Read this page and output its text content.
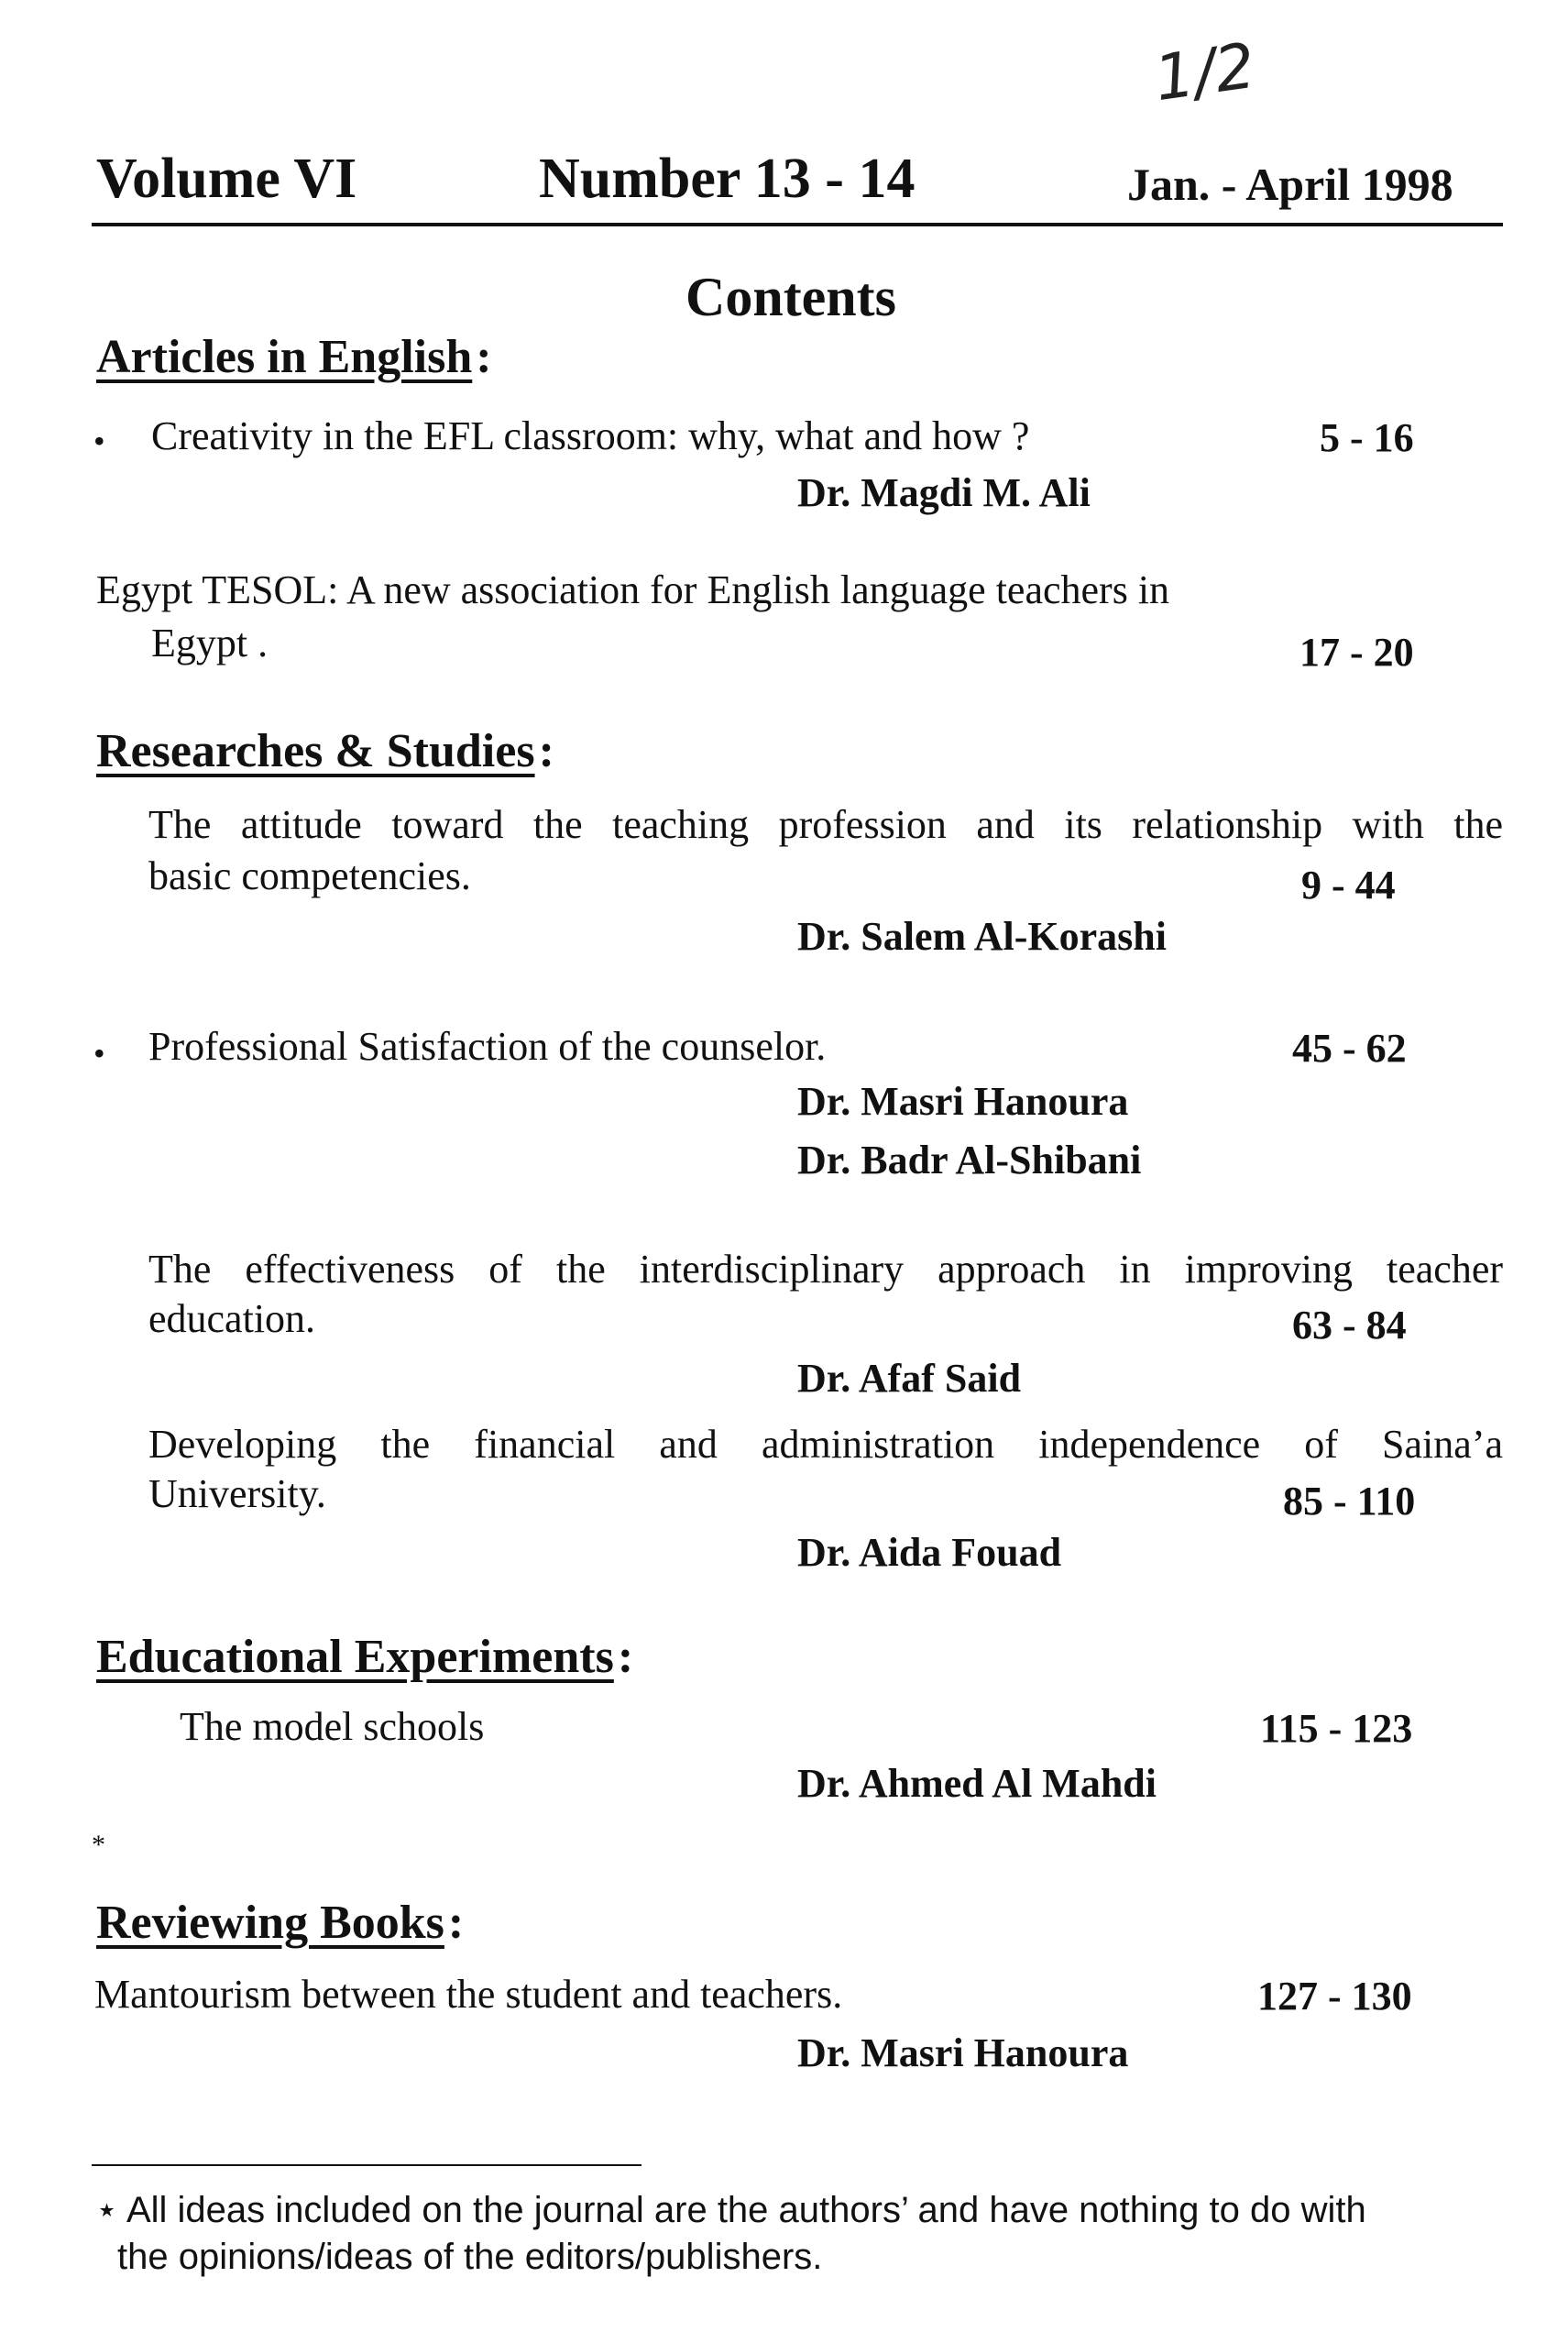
1/2
Volume VI	Number 13 - 14	Jan. - April 1998
Contents
Articles in English :
• Creativity in the EFL classroom: why, what and how ?	5 - 16
Dr. Magdi M. Ali
Egypt TESOL: A new association for English language teachers in
Egypt .	17 - 20
Researches & Studies :
The attitude toward the teaching profession and its relationship with the
basic competencies.	9 - 44
Dr. Salem Al-Korashi
• Professional Satisfaction of the counselor.	45 - 62
Dr. Masri Hanoura
Dr. Badr Al-Shibani
The effectiveness of the interdisciplinary approach in improving teacher
education.	63 - 84
Dr. Afaf Said
Developing the financial and administration independence of Saina’a
University.	85 - 110
Dr. Aida Fouad
Educational Experiments :
The model schools	115 - 123
Dr. Ahmed Al Mahdi
*
Reviewing Books :
Mantourism between the student and teachers.	127 - 130
Dr. Masri Hanoura
⋆ All ideas included on the journal are the authors’ and have nothing to do with
the opinions/ideas of the editors/publishers.
